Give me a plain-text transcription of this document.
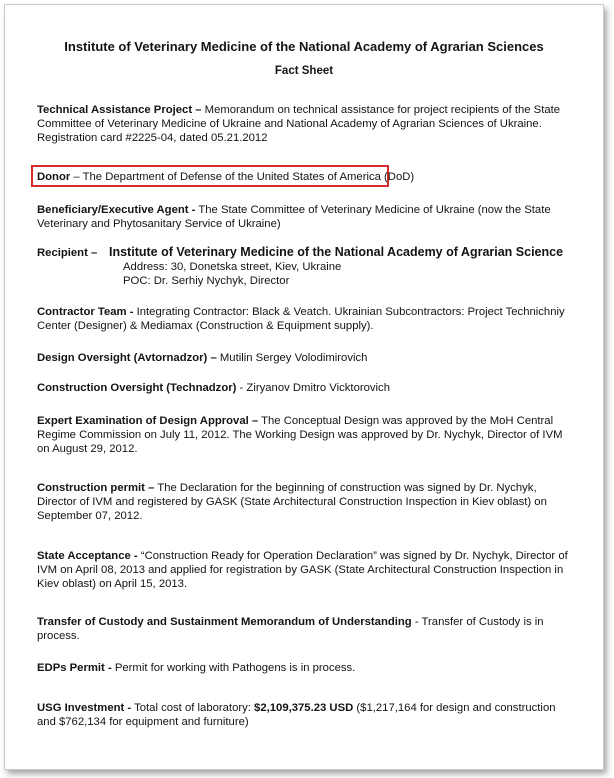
Institute of Veterinary Medicine of the National Academy of Agrarian Sciences
Fact Sheet
Technical Assistance Project – Memorandum on technical assistance for project recipients of the State Committee of Veterinary Medicine of Ukraine and National Academy of Agrarian Sciences of Ukraine. Registration card #2225-04, dated 05.21.2012
Donor – The Department of Defense of the United States of America (DoD)
Beneficiary/Executive Agent - The State Committee of Veterinary Medicine of Ukraine (now the State Veterinary and Phytosanitary Service of Ukraine)
Recipient – Institute of Veterinary Medicine of the National Academy of Agrarian Science
Address: 30, Donetska street, Kiev, Ukraine
POC: Dr. Serhiy Nychyk, Director
Contractor Team - Integrating Contractor: Black & Veatch. Ukrainian Subcontractors: Project Technichniy Center (Designer) & Mediamax (Construction & Equipment supply).
Design Oversight (Avtornadzor) – Mutilin Sergey Volodimirovich
Construction Oversight (Technadzor) - Ziryanov Dmitro Vicktorovich
Expert Examination of Design Approval – The Conceptual Design was approved by the MoH Central Regime Commission on July 11, 2012. The Working Design was approved by Dr. Nychyk, Director of IVM on August 29, 2012.
Construction permit – The Declaration for the beginning of construction was signed by Dr. Nychyk, Director of IVM and registered by GASK (State Architectural Construction Inspection in Kiev oblast) on September 07, 2012.
State Acceptance - “Construction Ready for Operation Declaration” was signed by Dr. Nychyk, Director of IVM on April 08, 2013 and applied for registration by GASK (State Architectural Construction Inspection in Kiev oblast) on April 15, 2013.
Transfer of Custody and Sustainment Memorandum of Understanding - Transfer of Custody is in process.
EDPs Permit - Permit for working with Pathogens is in process.
USG Investment - Total cost of laboratory: $2,109,375.23 USD ($1,217,164 for design and construction and $762,134 for equipment and furniture)
